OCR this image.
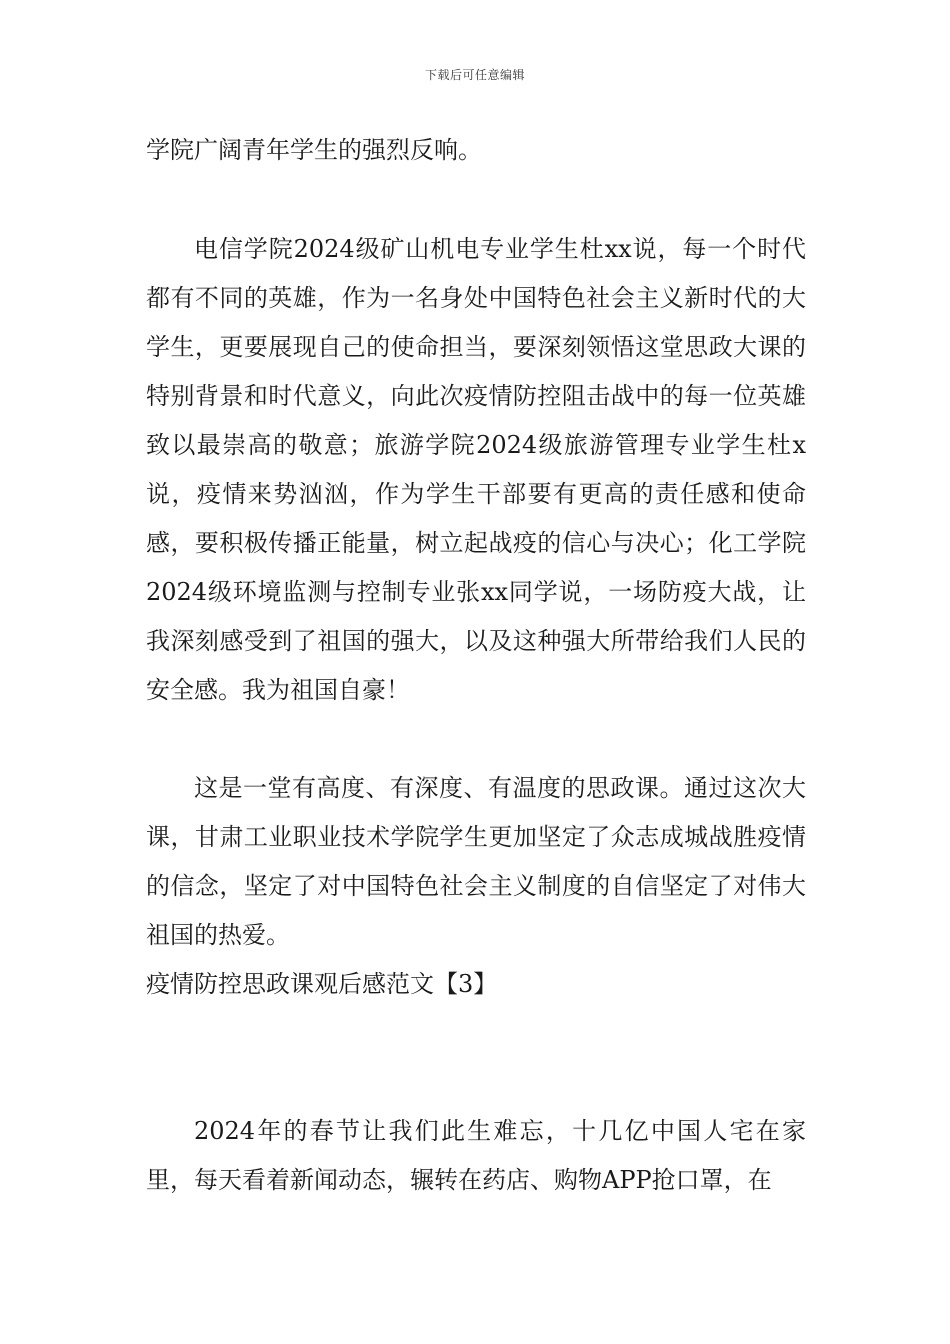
下载后可任意编辑

学院广阔青年学生的强烈反响。

电信学院2024级矿山机电专业学生杜xx说，每一个时代都有不同的英雄，作为一名身处中国特色社会主义新时代的大学生，更要展现自己的使命担当，要深刻领悟这堂思政大课的特别背景和时代意义，向此次疫情防控阻击战中的每一位英雄致以最崇高的敬意；旅游学院2024级旅游管理专业学生杜x说，疫情来势汹汹，作为学生干部要有更高的责任感和使命感，要积极传播正能量，树立起战疫的信心与决心；化工学院2024级环境监测与控制专业张xx同学说，一场防疫大战，让我深刻感受到了祖国的强大，以及这种强大所带给我们人民的安全感。我为祖国自豪！

这是一堂有高度、有深度、有温度的思政课。通过这次大课，甘肃工业职业技术学院学生更加坚定了众志成城战胜疫情的信念，坚定了对中国特色社会主义制度的自信坚定了对伟大祖国的热爱。

疫情防控思政课观后感范文【3】

2024年的春节让我们此生难忘，十几亿中国人宅在家里，每天看着新闻动态，辗转在药店、购物APP抢口罩，在
